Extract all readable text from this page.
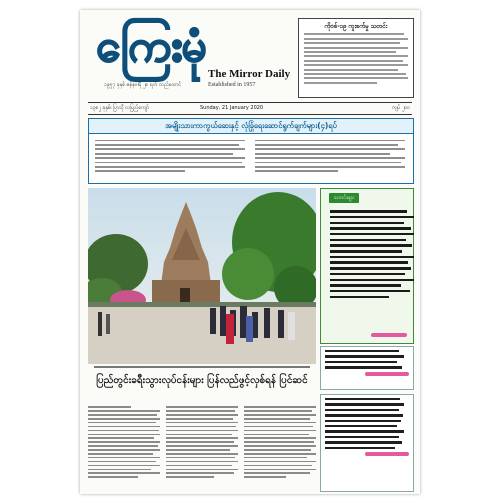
ကြေးမုံ
The Mirror Daily
Established in 1957
၁၉၅၇ ခုနှစ် ဇန်နဝါရီ ၂၈ ရက် တည်ထောင်
ကိုဗစ်-၁၉ ကူးစက်မှု သတင်း
၁၃၈၂ ခုနှစ်၊ ပြာသို လပြည့်ကျော်	Sunday, 21 January 2020	ကျပ် ၂၀၀
အမျိုးသားကာကွယ်ဆေးနှင့် လုံခြုံရေးဆောင်ရွက်ချက်များ(၄)ရပ်
ပြည်တွင်းခရီးသွားလုပ်ငန်းများ ပြန်လည်ဖွင့်လှစ်ရန် ပြင်ဆင်
သတင်းများ
